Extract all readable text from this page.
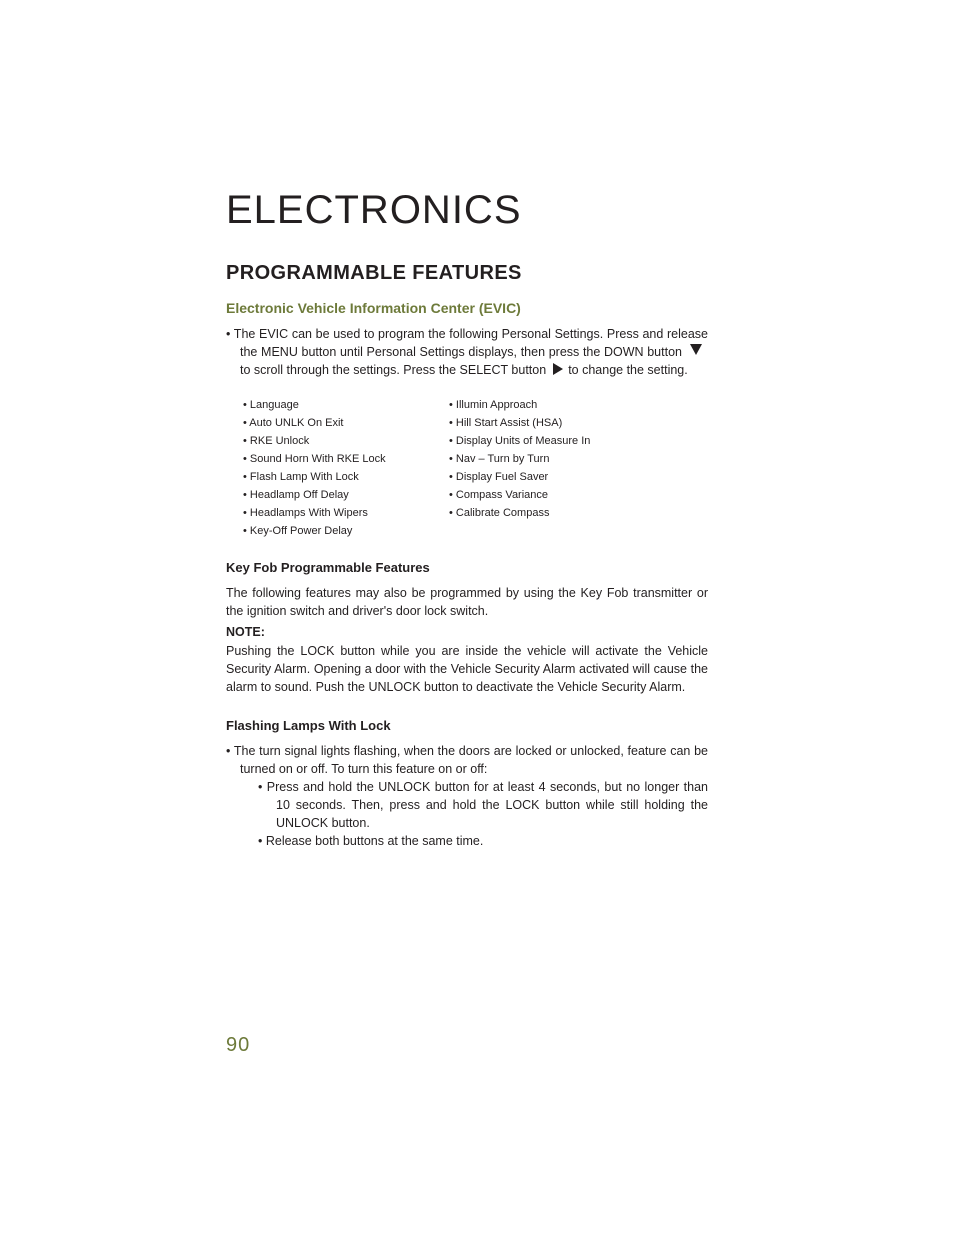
ELECTRONICS
PROGRAMMABLE FEATURES
Electronic Vehicle Information Center (EVIC)

• The EVIC can be used to program the following Personal Settings. Press and release the MENU button until Personal Settings displays, then press the DOWN buttonto scroll through the settings. Press the SELECT button to change the setting.

• Language	• Illumin Approach
• Auto UNLK On Exit	• Hill Start Assist (HSA)
• RKE Unlock	• Display Units of Measure In
• Sound Horn With RKE Lock	• Nav – Turn by Turn
• Flash Lamp With Lock	• Display Fuel Saver
• Headlamp Off Delay	• Compass Variance
• Headlamps With Wipers	• Calibrate Compass
• Key-Off Power Delay
Key Fob Programmable Features

The following features may also be programmed by using the Key Fob transmitter or the ignition switch and driver's door lock switch.

NOTE:

Pushing the LOCK button while you are inside the vehicle will activate the Vehicle Security Alarm. Opening a door with the Vehicle Security Alarm activated will cause the alarm to sound. Push the UNLOCK button to deactivate the Vehicle Security Alarm.

Flashing Lamps With Lock

• The turn signal lights flashing, when the doors are locked or unlocked, feature can be turned on or off. To turn this feature on or off:

• Press and hold the UNLOCK button for at least 4 seconds, but no longer than 10 seconds. Then, press and hold the LOCK button while still holding the UNLOCK button.

• Release both buttons at the same time.

90
